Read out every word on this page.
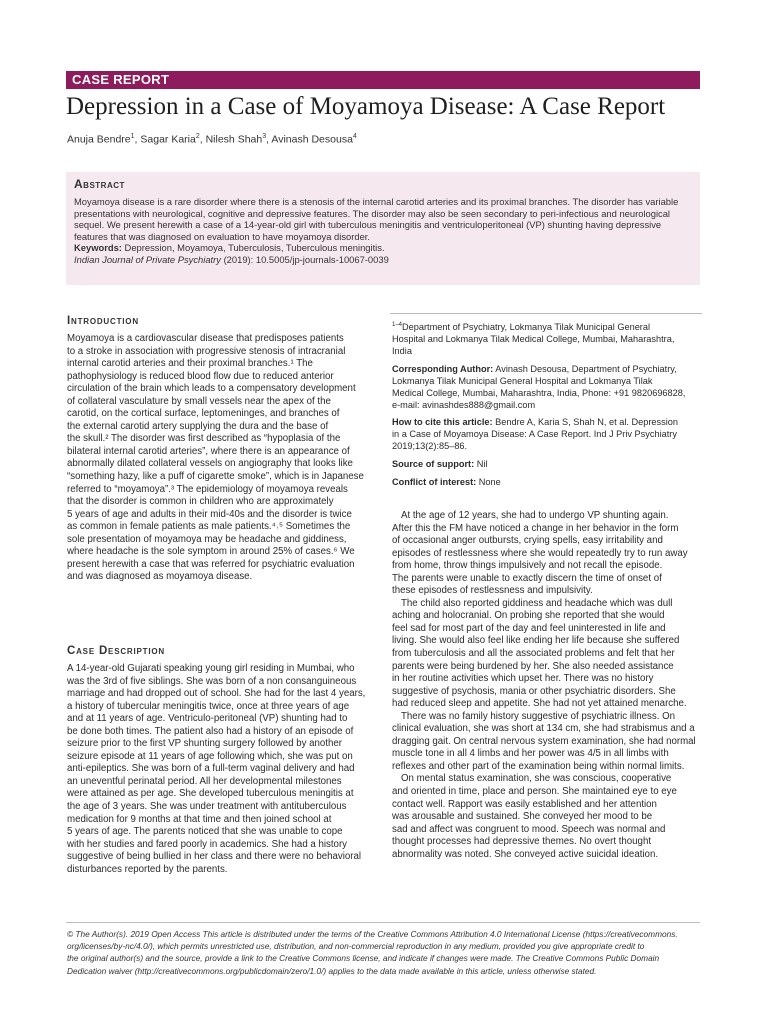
CASE REPORT
Depression in a Case of Moyamoya Disease: A Case Report
Anuja Bendre$^1$, Sagar Karia$^2$, Nilesh Shah$^3$, Avinash Desousa$^4$
Abstract
Moyamoya disease is a rare disorder where there is a stenosis of the internal carotid arteries and its proximal branches. The disorder has variable
presentations with neurological, cognitive and depressive features. The disorder may also be seen secondary to peri-infectious and neurological
sequel. We present herewith a case of a 14-year-old girl with tuberculous meningitis and ventriculoperitoneal (VP) shunting having depressive
features that was diagnosed on evaluation to have moyamoya disorder.
Keywords: Depression, Moyamoya, Tuberculosis, Tuberculous meningitis.
Indian Journal of Private Psychiatry (2019): 10.5005/jp-journals-10067-0039
Introduction
Moyamoya is a cardiovascular disease that predisposes patients
to a stroke in association with progressive stenosis of intracranial
internal carotid arteries and their proximal branches.¹ The
pathophysiology is reduced blood flow due to reduced anterior
circulation of the brain which leads to a compensatory development
of collateral vasculature by small vessels near the apex of the
carotid, on the cortical surface, leptomeninges, and branches of
the external carotid artery supplying the dura and the base of
the skull.² The disorder was first described as “hypoplasia of the
bilateral internal carotid arteries”, where there is an appearance of
abnormally dilated collateral vessels on angiography that looks like
“something hazy, like a puff of cigarette smoke”, which is in Japanese
referred to “moyamoya”.³ The epidemiology of moyamoya reveals
that the disorder is common in children who are approximately
5 years of age and adults in their mid-40s and the disorder is twice
as common in female patients as male patients.⁴˒⁵ Sometimes the
sole presentation of moyamoya may be headache and giddiness,
where headache is the sole symptom in around 25% of cases.⁶ We
present herewith a case that was referred for psychiatric evaluation
and was diagnosed as moyamoya disease.
Case Description
A 14-year-old Gujarati speaking young girl residing in Mumbai, who
was the 3rd of five siblings. She was born of a non consanguineous
marriage and had dropped out of school. She had for the last 4 years,
a history of tubercular meningitis twice, once at three years of age
and at 11 years of age. Ventriculo-peritoneal (VP) shunting had to
be done both times. The patient also had a history of an episode of
seizure prior to the first VP shunting surgery followed by another
seizure episode at 11 years of age following which, she was put on
anti-epileptics. She was born of a full-term vaginal delivery and had
an uneventful perinatal period. All her developmental milestones
were attained as per age. She developed tuberculous meningitis at
the age of 3 years. She was under treatment with antituberculous
medication for 9 months at that time and then joined school at
5 years of age. The parents noticed that she was unable to cope
with her studies and fared poorly in academics. She had a history
suggestive of being bullied in her class and there were no behavioral
disturbances reported by the parents.
$^{1-4}$Department of Psychiatry, Lokmanya Tilak Municipal General
Hospital and Lokmanya Tilak Medical College, Mumbai, Maharashtra,
India
Corresponding Author: Avinash Desousa, Department of Psychiatry,
Lokmanya Tilak Municipal General Hospital and Lokmanya Tilak
Medical College, Mumbai, Maharashtra, India, Phone: +91 9820696828,
e-mail: avinashdes888@gmail.com
How to cite this article: Bendre A, Karia S, Shah N, et al. Depression
in a Case of Moyamoya Disease: A Case Report. Ind J Priv Psychiatry
2019;13(2):85–86.
Source of support: Nil
Conflict of interest: None
At the age of 12 years, she had to undergo VP shunting again.
After this the FM have noticed a change in her behavior in the form
of occasional anger outbursts, crying spells, easy irritability and
episodes of restlessness where she would repeatedly try to run away
from home, throw things impulsively and not recall the episode.
The parents were unable to exactly discern the time of onset of
these episodes of restlessness and impulsivity.
The child also reported giddiness and headache which was dull
aching and holocranial. On probing she reported that she would
feel sad for most part of the day and feel uninterested in life and
living. She would also feel like ending her life because she suffered
from tuberculosis and all the associated problems and felt that her
parents were being burdened by her. She also needed assistance
in her routine activities which upset her. There was no history
suggestive of psychosis, mania or other psychiatric disorders. She
had reduced sleep and appetite. She had not yet attained menarche.
There was no family history suggestive of psychiatric illness. On
clinical evaluation, she was short at 134 cm, she had strabismus and a
dragging gait. On central nervous system examination, she had normal
muscle tone in all 4 limbs and her power was 4/5 in all limbs with
reflexes and other part of the examination being within normal limits.
On mental status examination, she was conscious, cooperative
and oriented in time, place and person. She maintained eye to eye
contact well. Rapport was easily established and her attention
was arousable and sustained. She conveyed her mood to be
sad and affect was congruent to mood. Speech was normal and
thought processes had depressive themes. No overt thought
abnormality was noted. She conveyed active suicidal ideation.
© The Author(s). 2019 Open Access This article is distributed under the terms of the Creative Commons Attribution 4.0 International License (https://creativecommons.
org/licenses/by-nc/4.0/), which permits unrestricted use, distribution, and non-commercial reproduction in any medium, provided you give appropriate credit to
the original author(s) and the source, provide a link to the Creative Commons license, and indicate if changes were made. The Creative Commons Public Domain
Dedication waiver (http://creativecommons.org/publicdomain/zero/1.0/) applies to the data made available in this article, unless otherwise stated.
